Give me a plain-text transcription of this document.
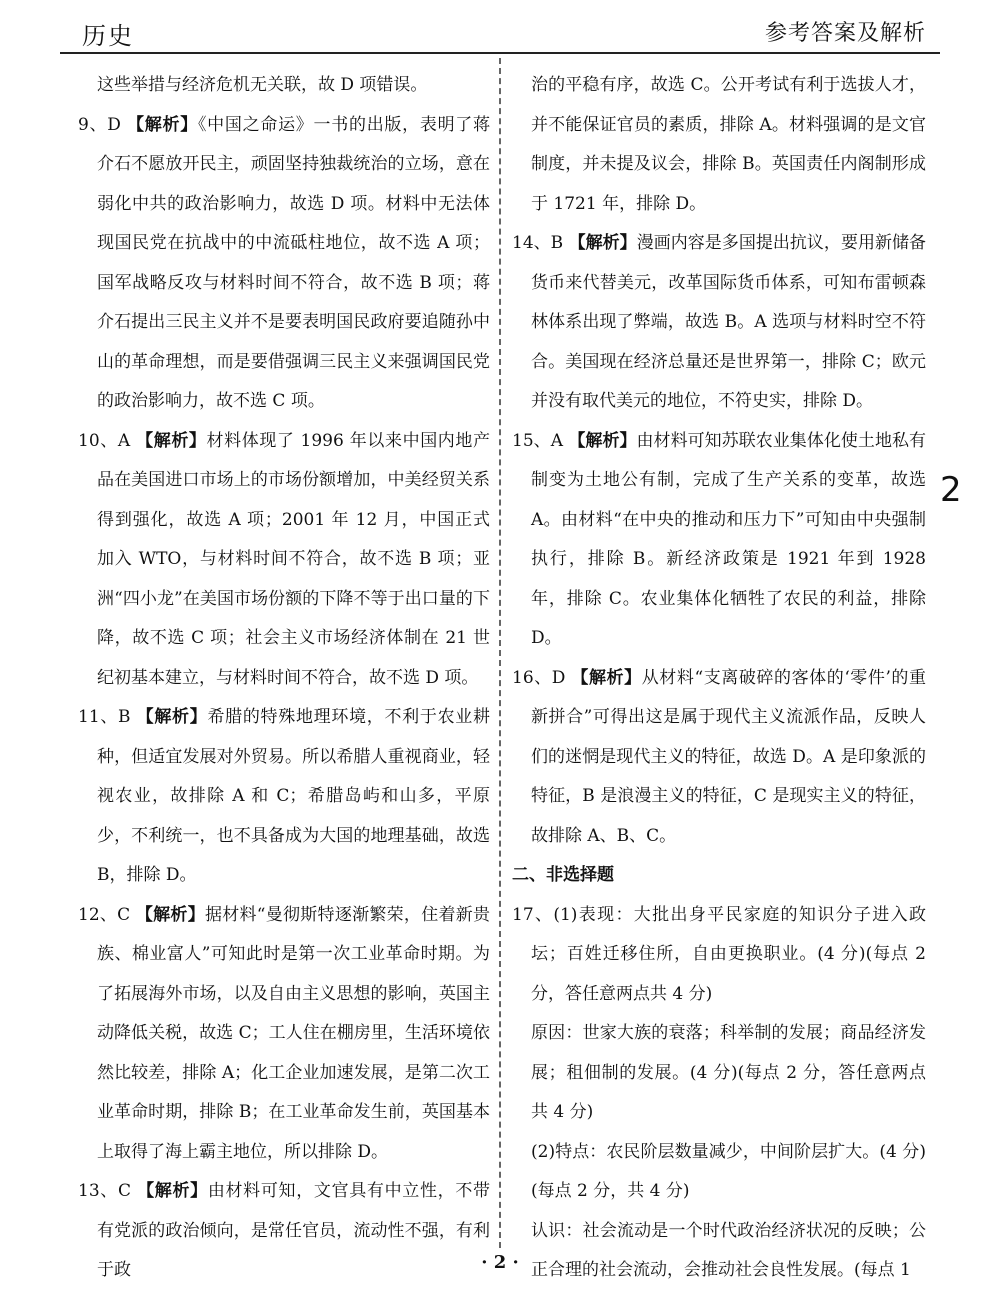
历史	参考答案及解析

这些举措与经济危机无关联，故 D 项错误。

9、D 【解析】《中国之命运》一书的出版，表明了蒋介石不愿放开民主，顽固坚持独裁统治的立场，意在弱化中共的政治影响力，故选 D 项。材料中无法体现国民党在抗战中的中流砥柱地位，故不选 A 项；国军战略反攻与材料时间不符合，故不选 B 项；蒋介石提出三民主义并不是要表明国民政府要追随孙中山的革命理想，而是要借强调三民主义来强调国民党的政治影响力，故不选 C 项。

10、A 【解析】材料体现了 1996 年以来中国内地产品在美国进口市场上的市场份额增加，中美经贸关系得到强化，故选 A 项；2001 年 12 月，中国正式加入 WTO，与材料时间不符合，故不选 B 项；亚洲“四小龙”在美国市场份额的下降不等于出口量的下降，故不选 C 项；社会主义市场经济体制在 21 世纪初基本建立，与材料时间不符合，故不选 D 项。

11、B 【解析】希腊的特殊地理环境，不利于农业耕种，但适宜发展对外贸易。所以希腊人重视商业，轻视农业，故排除 A 和 C；希腊岛屿和山多，平原少，不利统一，也不具备成为大国的地理基础，故选 B，排除 D。

12、C 【解析】据材料“曼彻斯特逐渐繁荣，住着新贵族、棉业富人”可知此时是第一次工业革命时期。为了拓展海外市场，以及自由主义思想的影响，英国主动降低关税，故选 C；工人住在棚房里，生活环境依然比较差，排除 A；化工企业加速发展，是第二次工业革命时期，排除 B；在工业革命发生前，英国基本上取得了海上霸主地位，所以排除 D。

13、C 【解析】由材料可知，文官具有中立性，不带有党派的政治倾向，是常任官员，流动性不强，有利于政

治的平稳有序，故选 C。公开考试有利于选拔人才，并不能保证官员的素质，排除 A。材料强调的是文官制度，并未提及议会，排除 B。英国责任内阁制形成于 1721 年，排除 D。

14、B 【解析】漫画内容是多国提出抗议，要用新储备货币来代替美元，改革国际货币体系，可知布雷顿森林体系出现了弊端，故选 B。A 选项与材料时空不符合。美国现在经济总量还是世界第一，排除 C；欧元并没有取代美元的地位，不符史实，排除 D。

15、A 【解析】由材料可知苏联农业集体化使土地私有制变为土地公有制，完成了生产关系的变革，故选 A。由材料“在中央的推动和压力下”可知由中央强制执行，排除 B。新经济政策是 1921 年到 1928 年，排除 C。农业集体化牺牲了农民的利益，排除 D。

16、D 【解析】从材料“支离破碎的客体的‘零件’的重新拼合”可得出这是属于现代主义流派作品，反映人们的迷惘是现代主义的特征，故选 D。A 是印象派的特征，B 是浪漫主义的特征，C 是现实主义的特征，故排除 A、B、C。

二、非选择题

17、(1)表现：大批出身平民家庭的知识分子进入政坛；百姓迁移住所，自由更换职业。(4 分)(每点 2 分，答任意两点共 4 分)

原因：世家大族的衰落；科举制的发展；商品经济发展；租佃制的发展。(4 分)(每点 2 分，答任意两点共 4 分)

(2)特点：农民阶层数量减少，中间阶层扩大。(4 分)(每点 2 分，共 4 分)

认识：社会流动是一个时代政治经济状况的反映；公正合理的社会流动，会推动社会良性发展。(每点 1

2
· 2 ·
